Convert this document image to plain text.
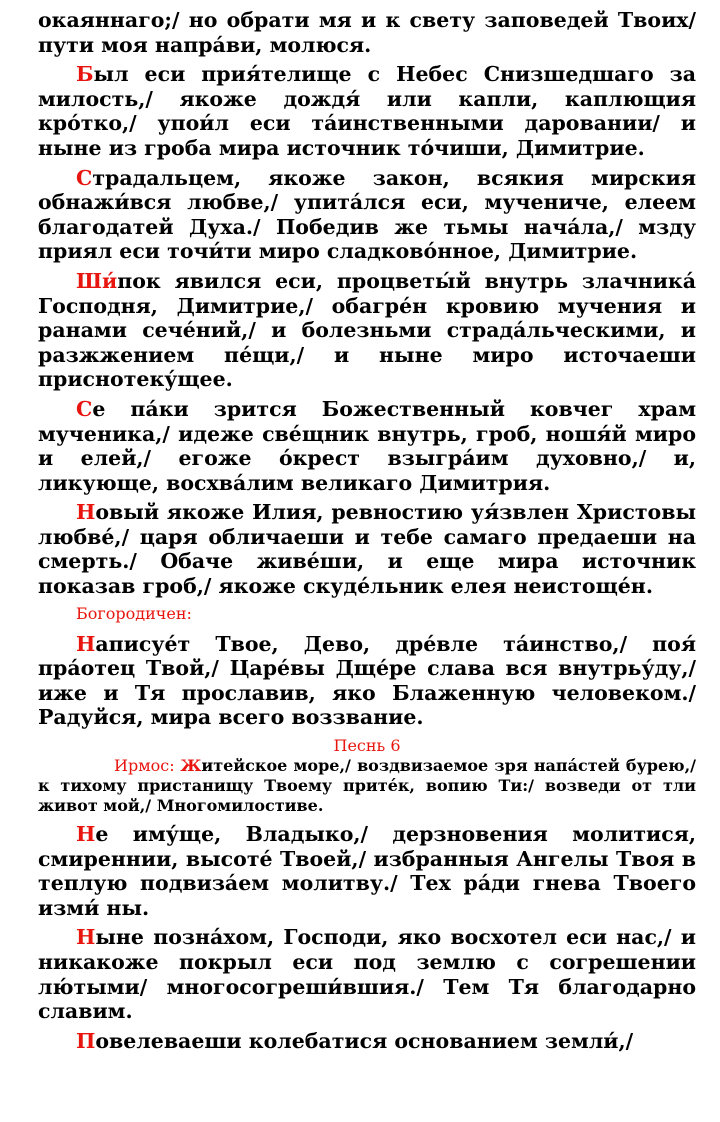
окаяннаго;/ но обрати мя и к свету заповедей Твоих/ пути моя напра́ви, молюся.

Был еси прия́телище с Небес Снизшедшаго за милость,/ якоже дождя́ или капли, каплющия кро́тко,/ упои́л еси та́инственными даровании/ и ныне из гроба мира источник то́чиши, Димитрие.

Страдальцем, якоже закон, всякия мирския обнажи́вся любве,/ упита́лся еси, мучениче, елеем благодатей Духа./ Победив же тьмы нача́ла,/ мзду приял еси точи́ти миро сладково́нное, Димитрие.

Ши́пок явился еси, процветы́й внутрь злачника́ Господня, Димитрие,/ обагре́н кровию мучения и ранами сече́ний,/ и болезньми страда́льческими, и разжжением пе́щи,/ и ныне миро источаеши приснотеку́щее.

Се па́ки зрится Божественный ковчег храм мученика,/ идеже све́щник внутрь, гроб, ношя́й миро и елей,/ егоже о́крест взыгра́им духовно,/ и, ликующе, восхва́лим великаго Димитрия.

Новый якоже Илия, ревностию уя́звлен Христовы любве́,/ царя обличаеши и тебе самаго предаеши на смерть./ Обаче живе́ши, и еще мира источник показав гроб,/ якоже скуде́льник елея неистоще́н.

Богородичен:

Написуе́т Твое, Дево, дре́вле та́инство,/ поя́ пра́отец Твой,/ Царе́вы Дще́ре слава вся внутрьу́ду,/ иже и Тя прославив, яко Блаженную человеком./ Радуйся, мира всего воззвание.

Песнь 6

Ирмос: Житейское море,/ воздвизаемое зря напа́стей бурею,/ к тихому пристанищу Твоему прите́к, вопию Ти:/ возведи от тли живот мой,/ Многомилостиве.

Не иму́ще, Владыко,/ дерзновения молитися, смиреннии, высоте́ Твоей,/ избранныя Ангелы Твоя в теплую подвиза́ем молитву./ Тех ра́ди гнева Твоего изми́ ны.

Ныне позна́хом, Господи, яко восхотел еси нас,/ и никакоже покрыл еси под землю с согрешении лю́тыми/ многосогреши́вшия./ Тем Тя благодарно славим.

Повелеваеши колебатися основанием земли́,/
